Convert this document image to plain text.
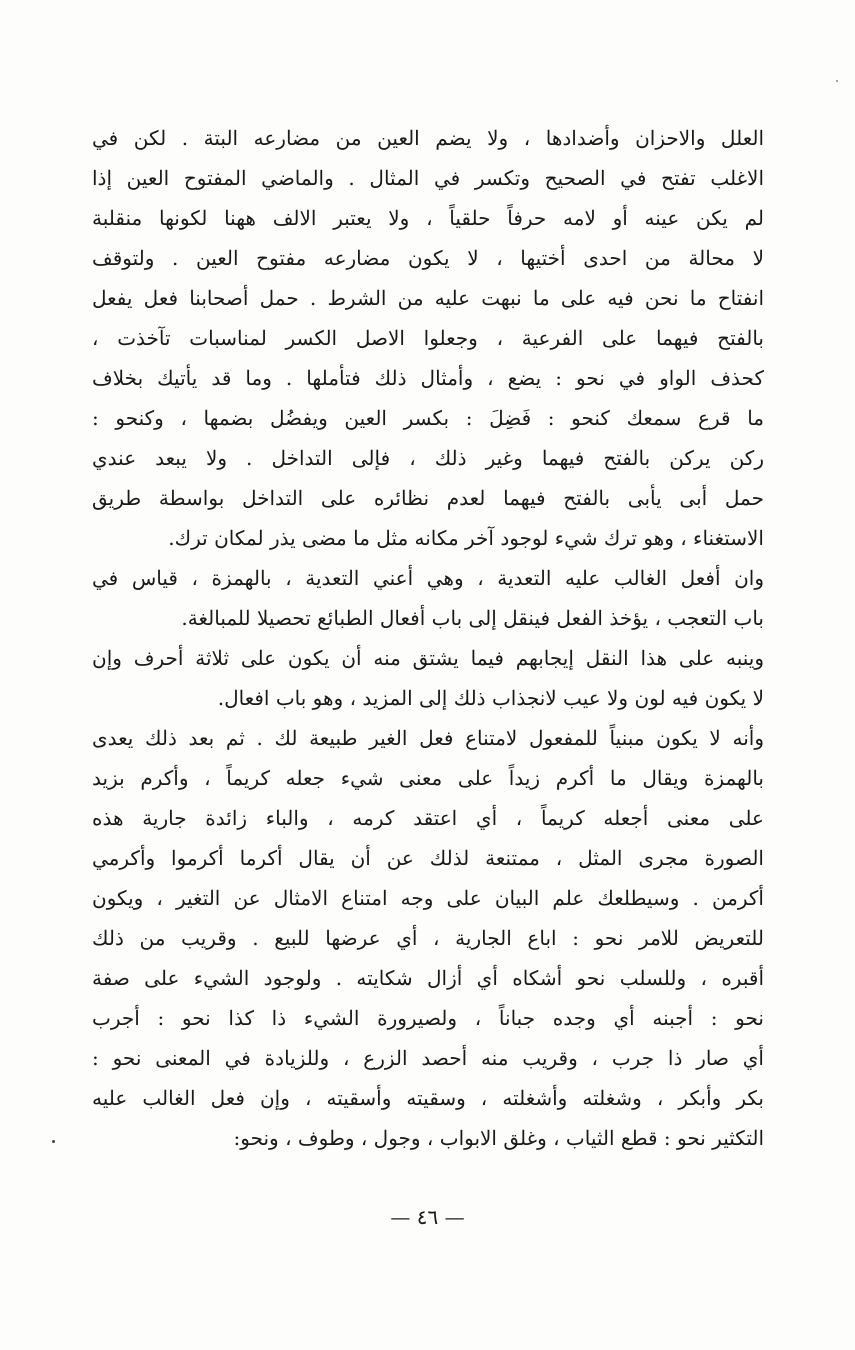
العلل والاحزان وأضدادها ، ولا يضم العين من مضارعه البتة . لكن في
الاغلب تفتح في الصحيح وتكسر في المثال . والماضي المفتوح العين إذا
لم يكن عينه أو لامه حرفاً حلقياً ، ولا يعتبر الالف ههنا لكونها منقلبة
لا محالة من احدى أختيها ، لا يكون مضارعه مفتوح العين . ولتوقف
انفتاح ما نحن فيه على ما نبهت عليه من الشرط . حمل أصحابنا فعل يفعل
بالفتح فيهما على الفرعية ، وجعلوا الاصل الكسر لمناسبات تآخذت ،
كحذف الواو في نحو : يضع ، وأمثال ذلك فتأملها . وما قد يأتيك بخلاف
ما قرع سمعك كنحو : فَضِلَ : بكسر العين ويفضُل بضمها ، وكنحو :
ركن يركن بالفتح فيهما وغير ذلك ، فإلى التداخل . ولا يبعد عندي
حمل أبى يأبى بالفتح فيهما لعدم نظائره على التداخل بواسطة طريق
الاستغناء ، وهو ترك شيء لوجود آخر مكانه مثل ما مضى يذر لمكان ترك.
وان أفعل الغالب عليه التعدية ، وهي أعني التعدية ، بالهمزة ، قياس في
باب التعجب ، يؤخذ الفعل فينقل إلى باب أفعال الطبائع تحصيلا للمبالغة.
وينبه على هذا النقل إيجابهم فيما يشتق منه أن يكون على ثلاثة أحرف وإن
لا يكون فيه لون ولا عيب لانجذاب ذلك إلى المزيد ، وهو باب افعال.
وأنه لا يكون مبنياً للمفعول لامتناع فعل الغير طبيعة لك . ثم بعد ذلك يعدى
بالهمزة ويقال ما أكرم زيداً على معنى شيء جعله كريماً ، وأكرم بزيد
على معنى أجعله كريماً ، أي اعتقد كرمه ، والباء زائدة جارية هذه
الصورة مجرى المثل ، ممتنعة لذلك عن أن يقال أكرما أكرموا وأكرمي
أكرمن . وسيطلعك علم البيان على وجه امتناع الامثال عن التغير ، ويكون
للتعريض للامر نحو : اباع الجارية ، أي عرضها للبيع . وقريب من ذلك
أقبره ، وللسلب نحو أشكاه أي أزال شكايته . ولوجود الشيء على صفة
نحو : أجبنه أي وجده جباناً ، ولصيرورة الشيء ذا كذا نحو : أجرب
أي صار ذا جرب ، وقريب منه أحصد الزرع ، وللزيادة في المعنى نحو :
بكر وأبكر ، وشغلته وأشغلته ، وسقيته وأسقيته ، وإن فعل الغالب عليه
التكثير نحو : قطع الثياب ، وغلق الابواب ، وجول ، وطوف ، ونحو:
— ٤٦ —
